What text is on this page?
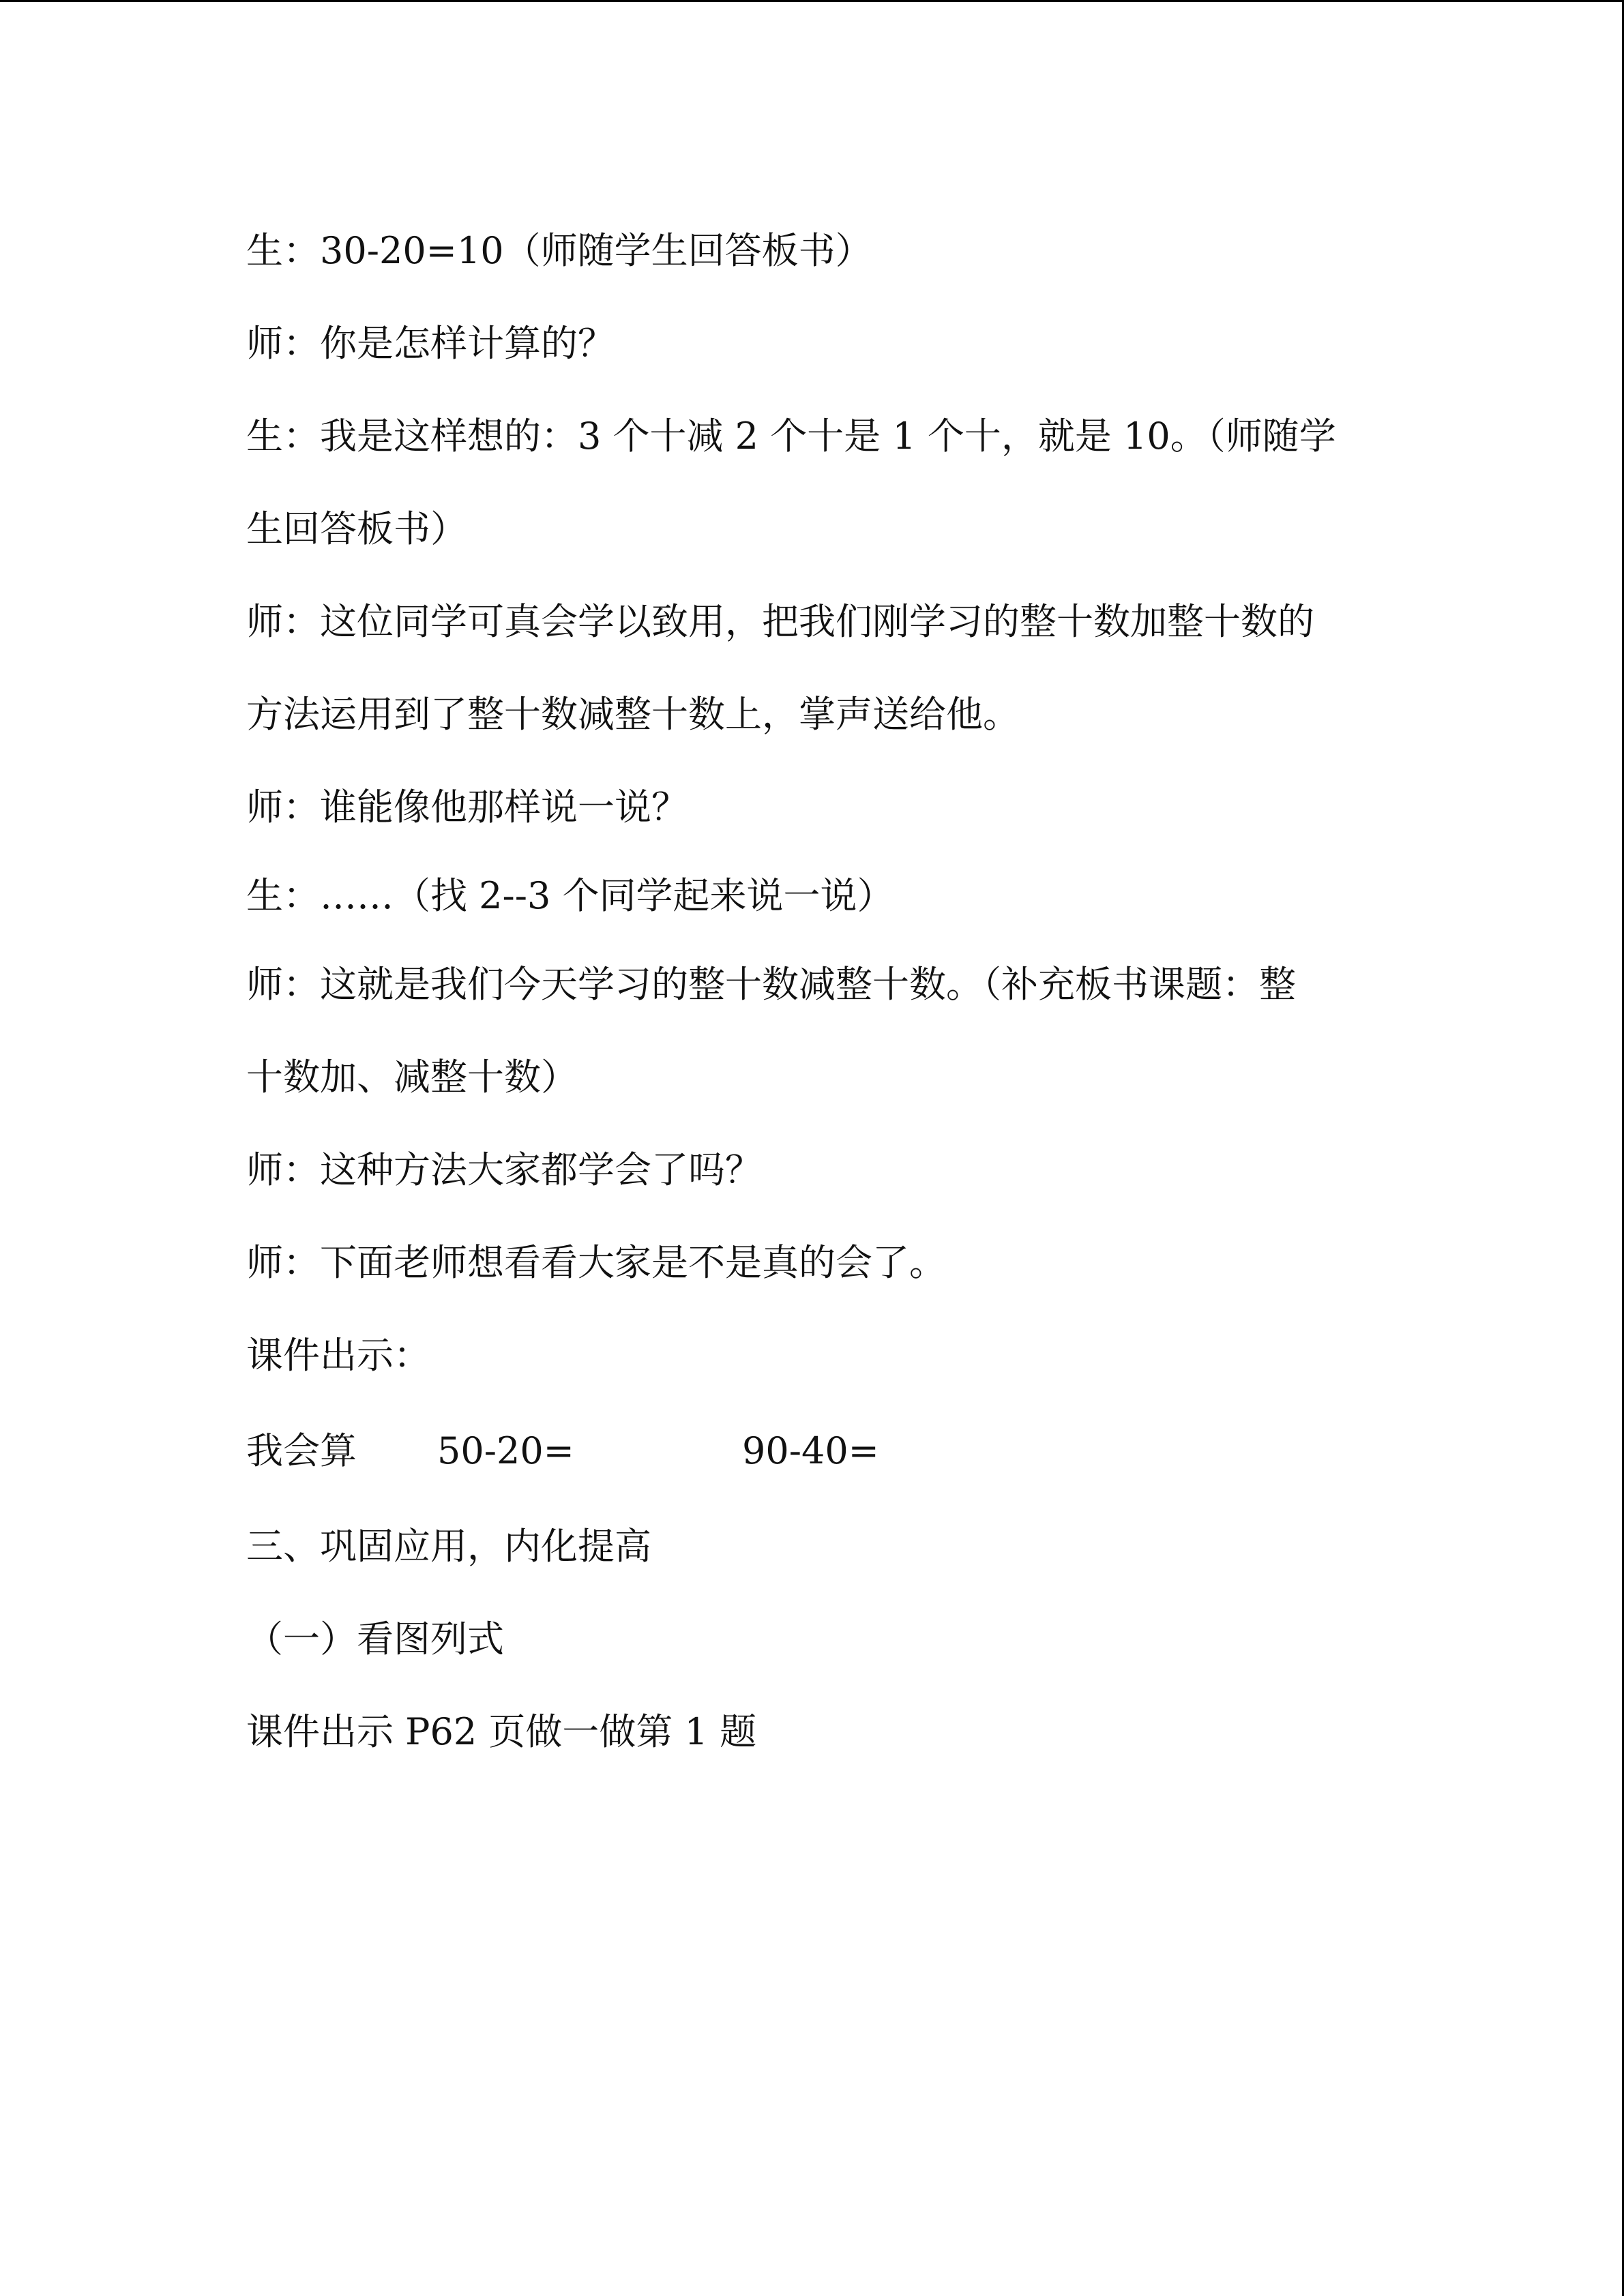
生：30-20=10（师随学生回答板书）
师：你是怎样计算的？
生：我是这样想的：3 个十减 2 个十是 1 个十，就是 10。（师随学
生回答板书）
师：这位同学可真会学以致用，把我们刚学习的整十数加整十数的
方法运用到了整十数减整十数上，掌声送给他。
师：谁能像他那样说一说？
生：……（找 2--3 个同学起来说一说）
师：这就是我们今天学习的整十数减整十数。（补充板书课题：整
十数加、减整十数）
师：这种方法大家都学会了吗？
师：下面老师想看看大家是不是真的会了。
课件出示：
我会算 50-20=	90-40=
三、巩固应用，内化提高
（一）看图列式
课件出示 P62 页做一做第 1 题
